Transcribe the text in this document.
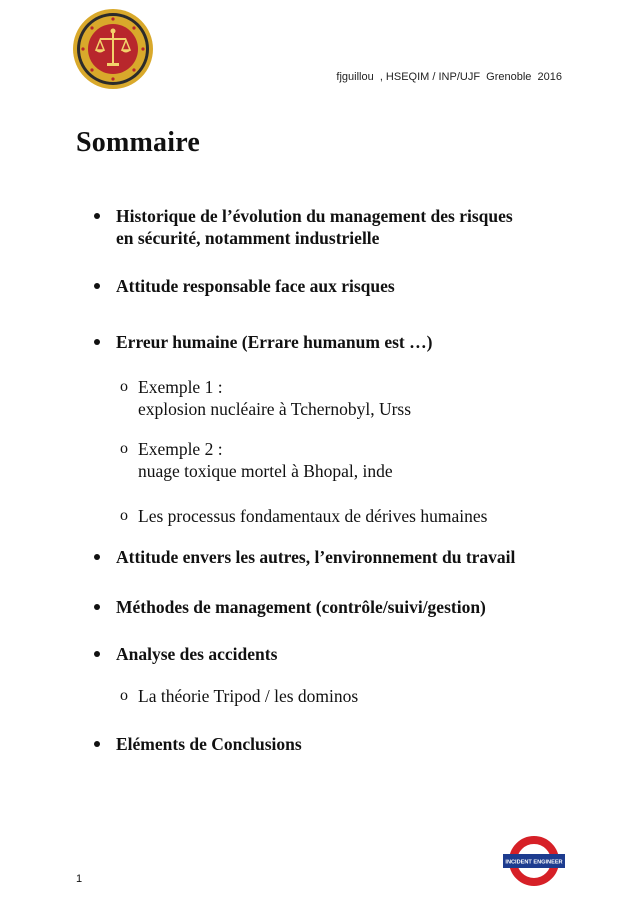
fjguillou  , HSEQIM / INP/UJF  Grenoble  2016
Sommaire
Historique de l’évolution du management des risques
en sécurité, notamment industrielle
Attitude responsable face aux risques
Erreur humaine (Errare humanum est …)
o Exemple 1 :
explosion nucléaire à Tchernobyl, Urss
o Exemple 2 :
nuage toxique mortel à Bhopal, inde
o Les processus fondamentaux de dérives humaines
Attitude envers les autres, l’environnement du travail
Méthodes de management (contrôle/suivi/gestion)
Analyse des accidents
o La théorie Tripod / les dominos
Eléments de Conclusions
1
INCIDENT ENGINEER
